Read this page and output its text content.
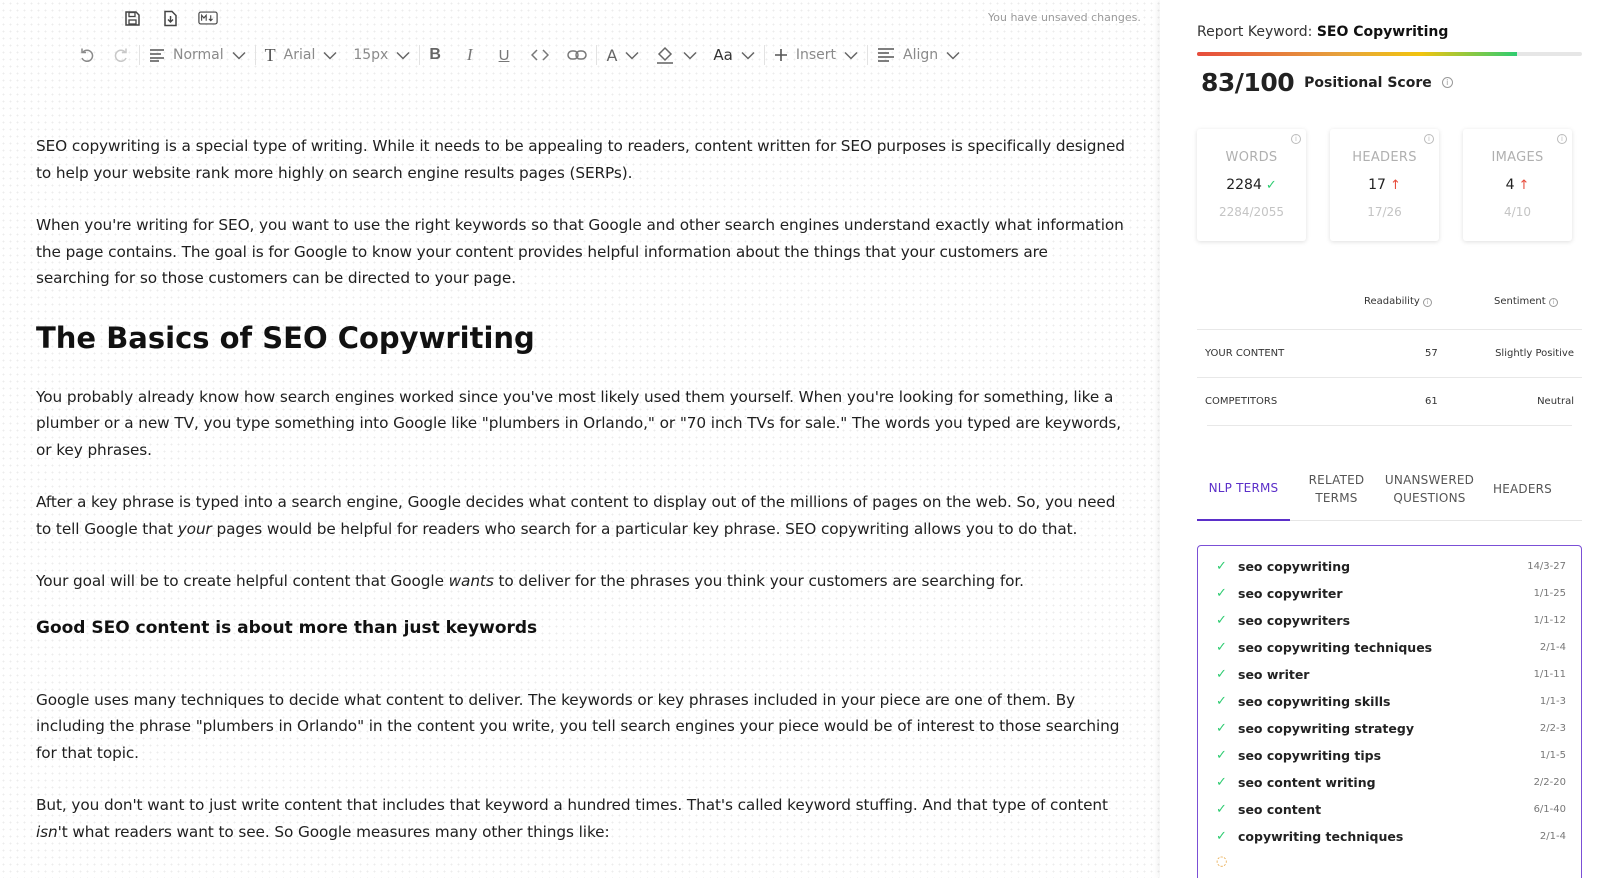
You have unsaved changes.
Normal T Arial	15px	B I U	A	Aa	Insert	Align

SEO copywriting is a special type of writing. While it needs to be appealing to readers, content written for SEO purposes is specifically designed to help your website rank more highly on search engine results pages (SERPs).

When you're writing for SEO, you want to use the right keywords so that Google and other search engines understand exactly what information the page contains. The goal is for Google to know your content provides helpful information about the things that your customers are searching for so those customers can be directed to your page.

The Basics of SEO Copywriting

You probably already know how search engines worked since you've most likely used them yourself. When you're looking for something, like a plumber or a new TV, you type something into Google like "plumbers in Orlando," or "70 inch TVs for sale." The words you typed are keywords, or key phrases.

After a key phrase is typed into a search engine, Google decides what content to display out of the millions of pages on the web. So, you need to tell Google that your pages would be helpful for readers who search for a particular key phrase. SEO copywriting allows you to do that.

Your goal will be to create helpful content that Google wants to deliver for the phrases you think your customers are searching for.

Good SEO content is about more than just keywords

Google uses many techniques to decide what content to deliver. The keywords or key phrases included in your piece are one of them. By including the phrase "plumbers in Orlando" in the content you write, you tell search engines your piece would be of interest to those searching for that topic.

But, you don't want to just write content that includes that keyword a hundred times. That's called keyword stuffing. And that type of content isn't what readers want to see. So Google measures many other things like:

Report Keyword: SEO Copywriting
83/100 Positional Score	i
i
WORDS
2284 ✓
2284/2055
i
HEADERS
17 ↑
17/26
i
IMAGES
4 ↑
4/10
Readability i	Sentiment i
YOUR CONTENT	57	Slightly Positive
COMPETITORS	61	Neutral
NLP TERMS
RELATED TERMS
UNANSWERED QUESTIONS
HEADERS
✓ seo copywriting	14/3-27
✓ seo copywriter	1/1-25
✓ seo copywriters	1/1-12
✓ seo copywriting techniques	2/1-4
✓ seo writer	1/1-11
✓ seo copywriting skills	1/1-3
✓ seo copywriting strategy	2/2-3
✓ seo copywriting tips	1/1-5
✓ seo content writing	2/2-20
✓ seo content	6/1-40
✓ copywriting techniques	2/1-4
◌
